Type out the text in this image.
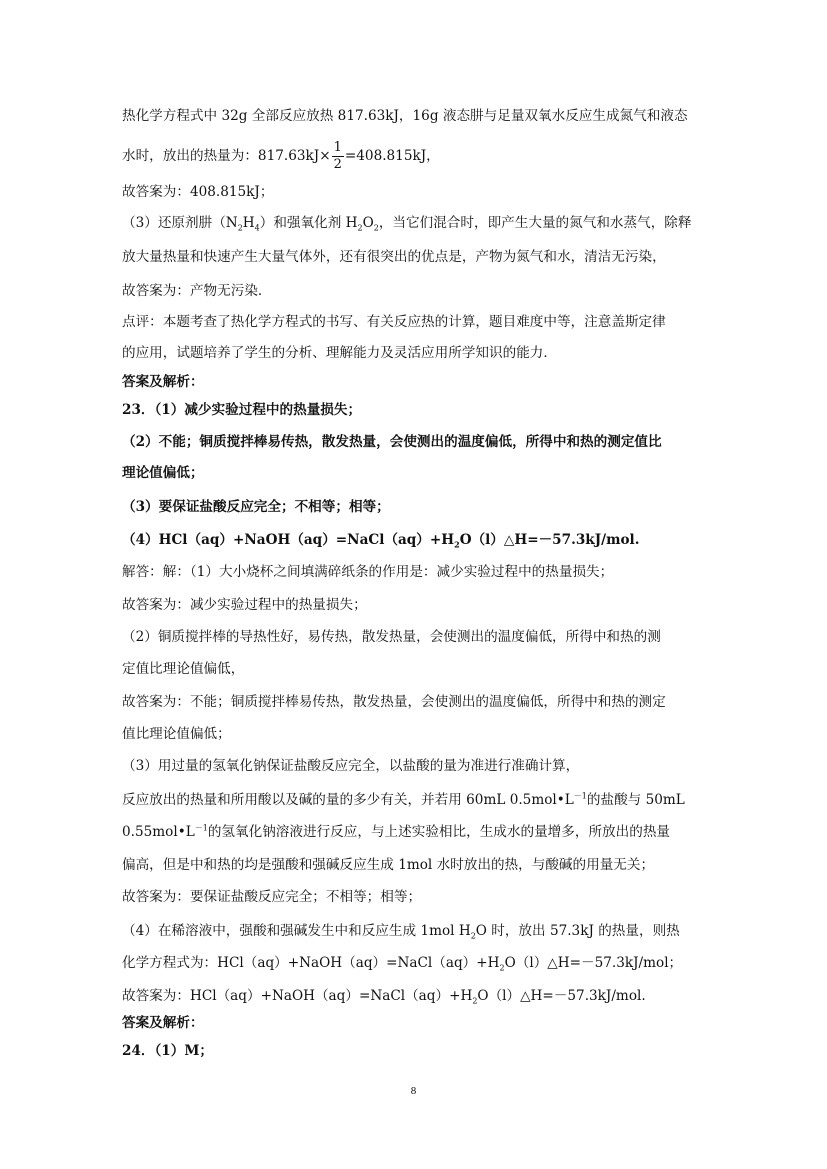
热化学方程式中 32g 全部反应放热 817.63kJ，16g 液态肼与足量双氧水反应生成氮气和液态
水时，放出的热量为：$817.63kJ\times \frac{1}{2} =408.815kJ$，
故答案为：408.815kJ；
（3）还原剂肼$(N_2H_4)$和强氧化剂 $H_2O_2$，当它们混合时，即产生大量的氮气和水蒸气，除释
放大量热量和快速产生大量气体外，还有很突出的优点是，产物为氮气和水，清洁无污染，
故答案为：产物无污染．
点评：本题考查了热化学方程式的书写、有关反应热的计算，题目难度中等，注意盖斯定律
的应用，试题培养了学生的分析、理解能力及灵活应用所学知识的能力．
答案及解析：
23．（1）减少实验过程中的热量损失；
（2）不能；铜质搅拌棒易传热，散发热量，会使测出的温度偏低，所得中和热的测定值比
理论值偏低；
（3）要保证盐酸反应完全；不相等；相等；
$(4)HCl(aq)+NaOH(aq)=NaCl(aq)+H_2O(l)\triangle H=-57.3kJ$/mol.
解答：解：（1）大小烧杯之间填满碎纸条的作用是：减少实验过程中的热量损失；
故答案为：减少实验过程中的热量损失；
（2）铜质搅拌棒的导热性好，易传热，散发热量，会使测出的温度偏低，所得中和热的测
定值比理论值偏低，
故答案为：不能；铜质搅拌棒易传热，散发热量，会使测出的温度偏低，所得中和热的测定
值比理论值偏低；
（3）用过量的氢氧化钠保证盐酸反应完全，以盐酸的量为准进行准确计算，
反应放出的热量和所用酸以及碱的量的多少有关，并若用 60mL $0.5mol•L^{-1}$的盐酸与 50mL
$0.55mol•L^{-1}$的氢氧化钠溶液进行反应，与上述实验相比，生成水的量增多，所放出的热量
偏高，但是中和热的均是强酸和强碱反应生成 1mol 水时放出的热，与酸碱的用量无关；
故答案为：要保证盐酸反应完全；不相等；相等；
（4）在稀溶液中，强酸和强碱发生中和反应生成 1mol $H_2O$ 时，放出 57.3kJ 的热量，则热
化学方程式为：$HCl(aq)+NaOH(aq)=NaCl(aq)+H_2O(l)\triangle H=-57.3kJ$/mol；
故答案为：$HCl(aq)+NaOH(aq)=NaCl(aq)+H_2O(l)\triangle H=-57.3kJ$/mol.
答案及解析：
24．（1）M；
8
